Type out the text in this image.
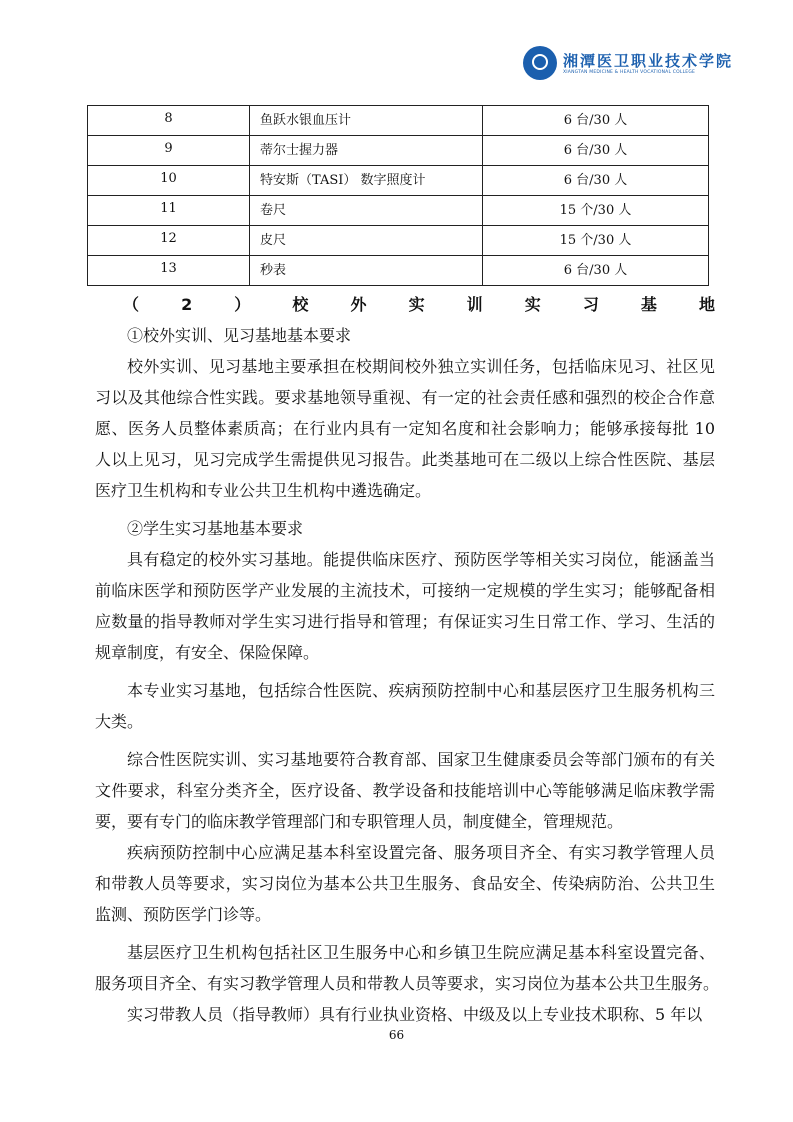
湘潭医卫职业技术学院
XIANGTAN MEDICINE & HEALTH VOCATIONAL COLLEGE
8	鱼跃水银血压计	6 台/30 人
9	蒂尔士握力器	6 台/30 人
10	特安斯（TASI） 数字照度计	6 台/30 人
11	卷尺	15 个/30 人
12	皮尺	15 个/30 人
13	秒表	6 台/30 人
（2）校外实训实习基地
①校外实训、见习基地基本要求
校外实训、见习基地主要承担在校期间校外独立实训任务，包括临床见习、社区见
习以及其他综合性实践。要求基地领导重视、有一定的社会责任感和强烈的校企合作意
愿、医务人员整体素质高；在行业内具有一定知名度和社会影响力；能够承接每批 10
人以上见习，见习完成学生需提供见习报告。此类基地可在二级以上综合性医院、基层
医疗卫生机构和专业公共卫生机构中遴选确定。
②学生实习基地基本要求
具有稳定的校外实习基地。能提供临床医疗、预防医学等相关实习岗位，能涵盖当
前临床医学和预防医学产业发展的主流技术，可接纳一定规模的学生实习；能够配备相
应数量的指导教师对学生实习进行指导和管理；有保证实习生日常工作、学习、生活的
规章制度，有安全、保险保障。
本专业实习基地，包括综合性医院、疾病预防控制中心和基层医疗卫生服务机构三
大类。
综合性医院实训、实习基地要符合教育部、国家卫生健康委员会等部门颁布的有关
文件要求，科室分类齐全，医疗设备、教学设备和技能培训中心等能够满足临床教学需
要，要有专门的临床教学管理部门和专职管理人员，制度健全，管理规范。
疾病预防控制中心应满足基本科室设置完备、服务项目齐全、有实习教学管理人员
和带教人员等要求，实习岗位为基本公共卫生服务、食品安全、传染病防治、公共卫生
监测、预防医学门诊等。
基层医疗卫生机构包括社区卫生服务中心和乡镇卫生院应满足基本科室设置完备、
服务项目齐全、有实习教学管理人员和带教人员等要求，实习岗位为基本公共卫生服务。
实习带教人员（指导教师）具有行业执业资格、中级及以上专业技术职称、5 年以
66
